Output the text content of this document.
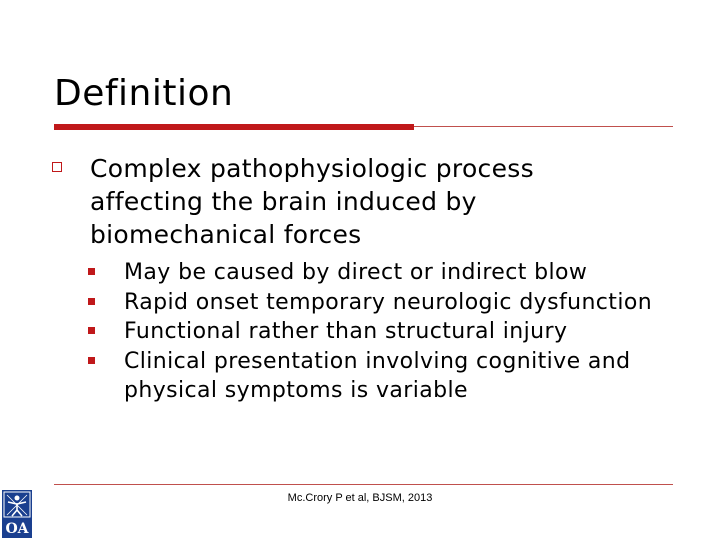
Definition
Complex pathophysiologic process affecting the brain induced by biomechanical forces
May be caused by direct or indirect blow
Rapid onset temporary neurologic dysfunction
Functional rather than structural injury
Clinical presentation involving cognitive and physical symptoms is variable
Mc.Crory P et al, BJSM, 2013
OA
